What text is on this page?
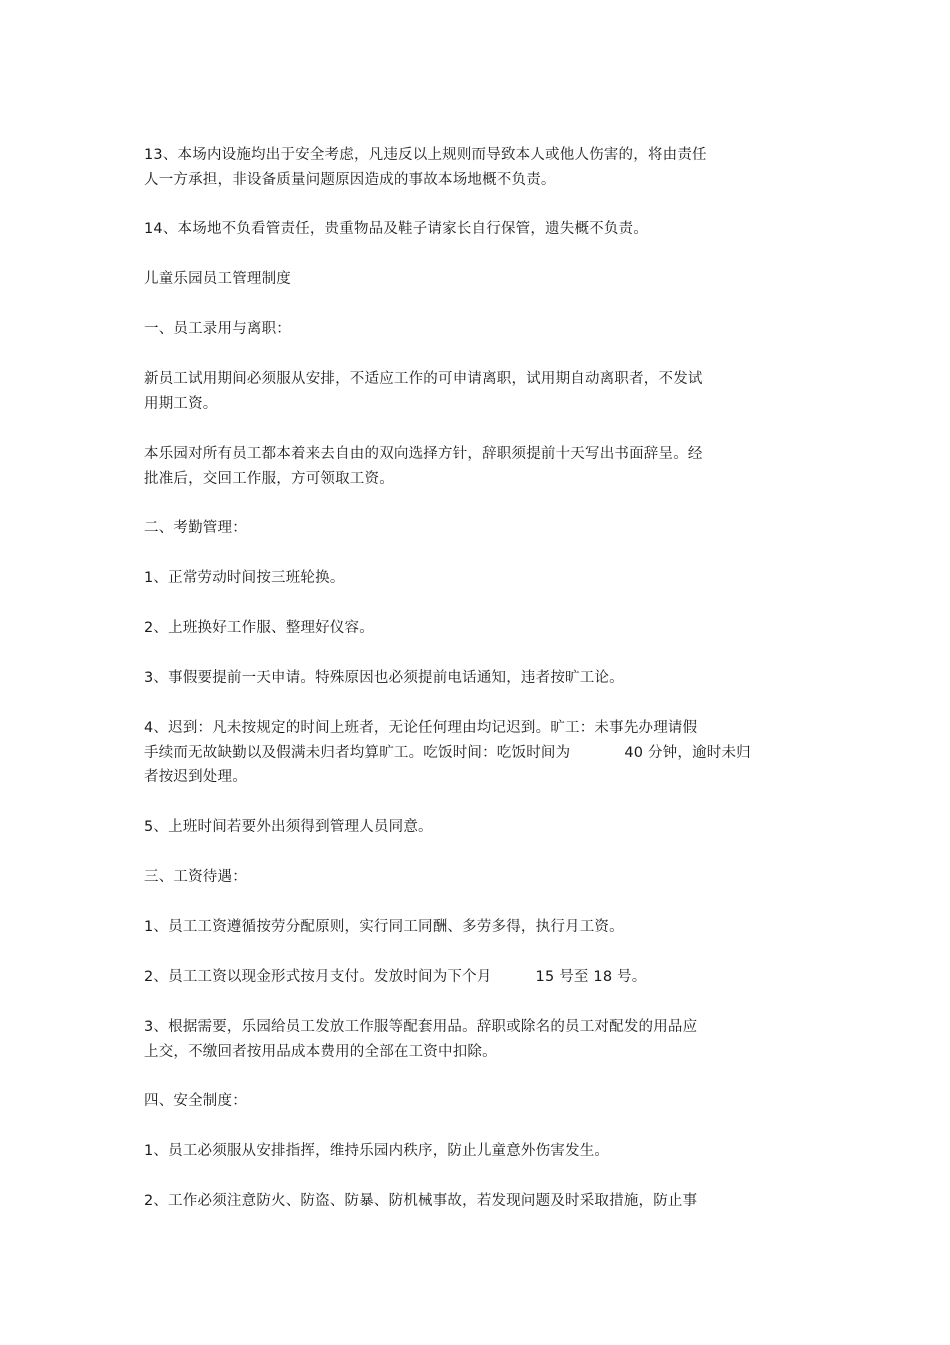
13、本场内设施均出于安全考虑，凡违反以上规则而导致本人或他人伤害的，将由责任
人一方承担，非设备质量问题原因造成的事故本场地概不负责。
14、本场地不负看管责任，贵重物品及鞋子请家长自行保管，遗失概不负责。
儿童乐园员工管理制度
一、员工录用与离职：
新员工试用期间必须服从安排，不适应工作的可申请离职，试用期自动离职者，不发试
用期工资。
本乐园对所有员工都本着来去自由的双向选择方针，辞职须提前十天写出书面辞呈。经
批准后，交回工作服，方可领取工资。
二、考勤管理：
1、正常劳动时间按三班轮换。
2、上班换好工作服、整理好仪容。
3、事假要提前一天申请。特殊原因也必须提前电话通知，违者按旷工论。
4、迟到：凡未按规定的时间上班者，无论任何理由均记迟到。旷工：未事先办理请假
手续而无故缺勤以及假满未归者均算旷工。吃饭时间：吃饭时间为	40 分钟，逾时未归
者按迟到处理。
5、上班时间若要外出须得到管理人员同意。
三、工资待遇：
1、员工工资遵循按劳分配原则，实行同工同酬、多劳多得，执行月工资。
2、员工工资以现金形式按月支付。发放时间为下个月	15 号至 18 号。
3、根据需要，乐园给员工发放工作服等配套用品。辞职或除名的员工对配发的用品应
上交，不缴回者按用品成本费用的全部在工资中扣除。
四、安全制度：
1、员工必须服从安排指挥，维持乐园内秩序，防止儿童意外伤害发生。
2、工作必须注意防火、防盗、防暴、防机械事故，若发现问题及时采取措施，防止事
